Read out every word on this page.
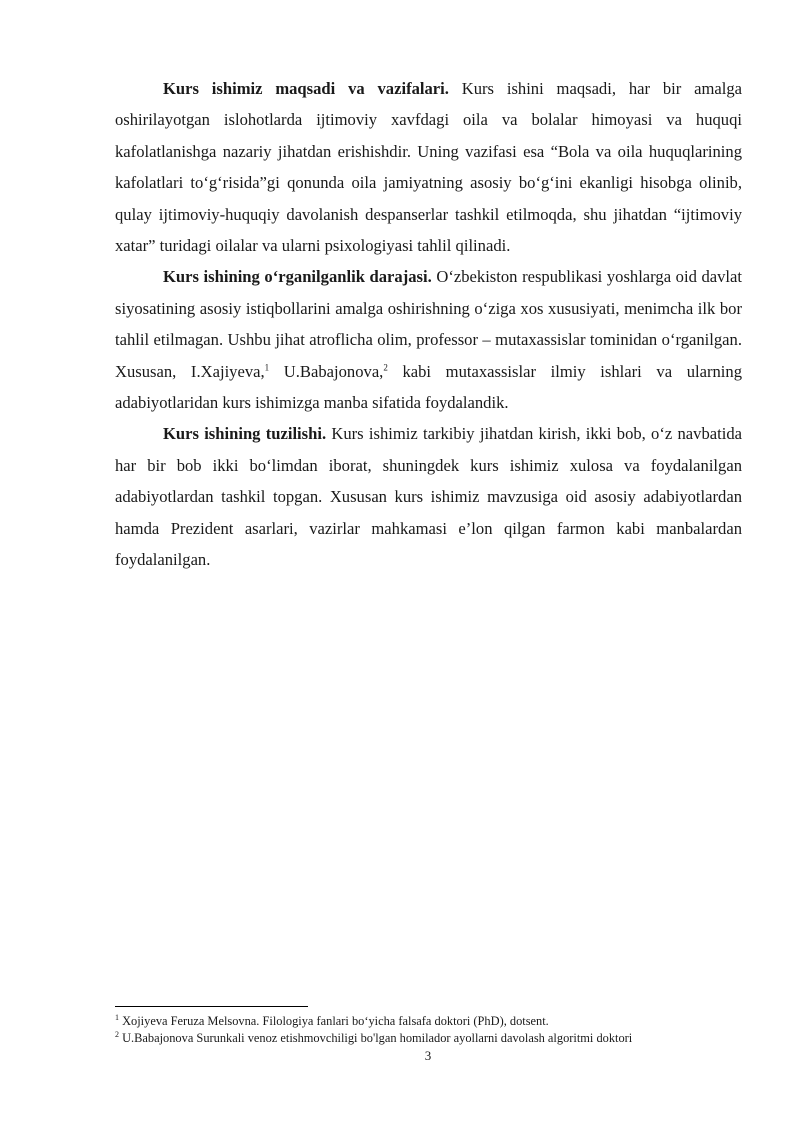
Kurs ishimiz maqsadi va vazifalari. Kurs ishini maqsadi, har bir amalga oshirilayotgan islohotlarda ijtimoviy xavfdagi oila va bolalar himoyasi va huquqi kafolatlanishga nazariy jihatdan erishishdir. Uning vazifasi esa “Bola va oila huquqlarining kafolatlari to‘g‘risida”gi qonunda oila jamiyatning asosiy bo‘g‘ini ekanligi hisobga olinib, qulay ijtimoviy-huquqiy davolanish despanserlar tashkil etilmoqda, shu jihatdan “ijtimoviy xatar” turidagi oilalar va ularni psixologiyasi tahlil qilinadi.

Kurs ishining o‘rganilganlik darajasi. O‘zbekiston respublikasi yoshlarga oid davlat siyosatining asosiy istiqbollarini amalga oshirishning o‘ziga xos xususiyati, menimcha ilk bor tahlil etilmagan. Ushbu jihat atroflicha olim, professor – mutaxassislar tominidan o‘rganilgan. Xususan, I.Xajiyeva,$^1$ U.Babajonova,$^2$ kabi mutaxassislar ilmiy ishlari va ularning adabiyotlaridan kurs ishimizga manba sifatida foydalandik.

Kurs ishining tuzilishi. Kurs ishimiz tarkibiy jihatdan kirish, ikki bob, o‘z navbatida har bir bob ikki bo‘limdan iborat, shuningdek kurs ishimiz xulosa va foydalanilgan adabiyotlardan tashkil topgan. Xususan kurs ishimiz mavzusiga oid asosiy adabiyotlardan hamda Prezident asarlari, vazirlar mahkamasi e’lon qilgan farmon kabi manbalardan foydalanilgan.

$^1$ Xojiyeva Feruza Melsovna. Filologiya fanlari bo‘yicha falsafa doktori (PhD), dotsent.
$^2$ U.Babajonova Surunkali venoz etishmovchiligi bo'lgan homilador ayollarni davolash algoritmi doktori
3
